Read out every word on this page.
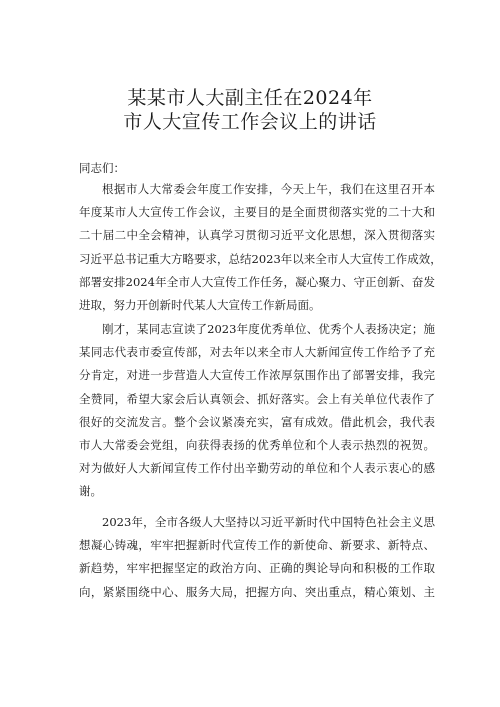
某某市人大副主任在2024年
市人大宣传工作会议上的讲话
同志们：
根据市人大常委会年度工作安排，今天上午，我们在这里召开本
年度某市人大宣传工作会议，主要目的是全面贯彻落实党的二十大和
二十届二中全会精神，认真学习贯彻习近平文化思想，深入贯彻落实
习近平总书记重大方略要求，总结2023年以来全市人大宣传工作成效，
部署安排2024年全市人大宣传工作任务，凝心聚力、守正创新、奋发
进取，努力开创新时代某人大宣传工作新局面。
刚才，某同志宣读了2023年度优秀单位、优秀个人表扬决定；施
某同志代表市委宣传部，对去年以来全市人大新闻宣传工作给予了充
分肯定，对进一步营造人大宣传工作浓厚氛围作出了部署安排，我完
全赞同，希望大家会后认真领会、抓好落实。会上有关单位代表作了
很好的交流发言。整个会议紧凑充实，富有成效。借此机会，我代表
市人大常委会党组，向获得表扬的优秀单位和个人表示热烈的祝贺。
对为做好人大新闻宣传工作付出辛勤劳动的单位和个人表示衷心的感
谢。
2023年，全市各级人大坚持以习近平新时代中国特色社会主义思
想凝心铸魂，牢牢把握新时代宣传工作的新使命、新要求、新特点、
新趋势，牢牢把握坚定的政治方向、正确的舆论导向和积极的工作取
向，紧紧围绕中心、服务大局，把握方向、突出重点，精心策划、主
